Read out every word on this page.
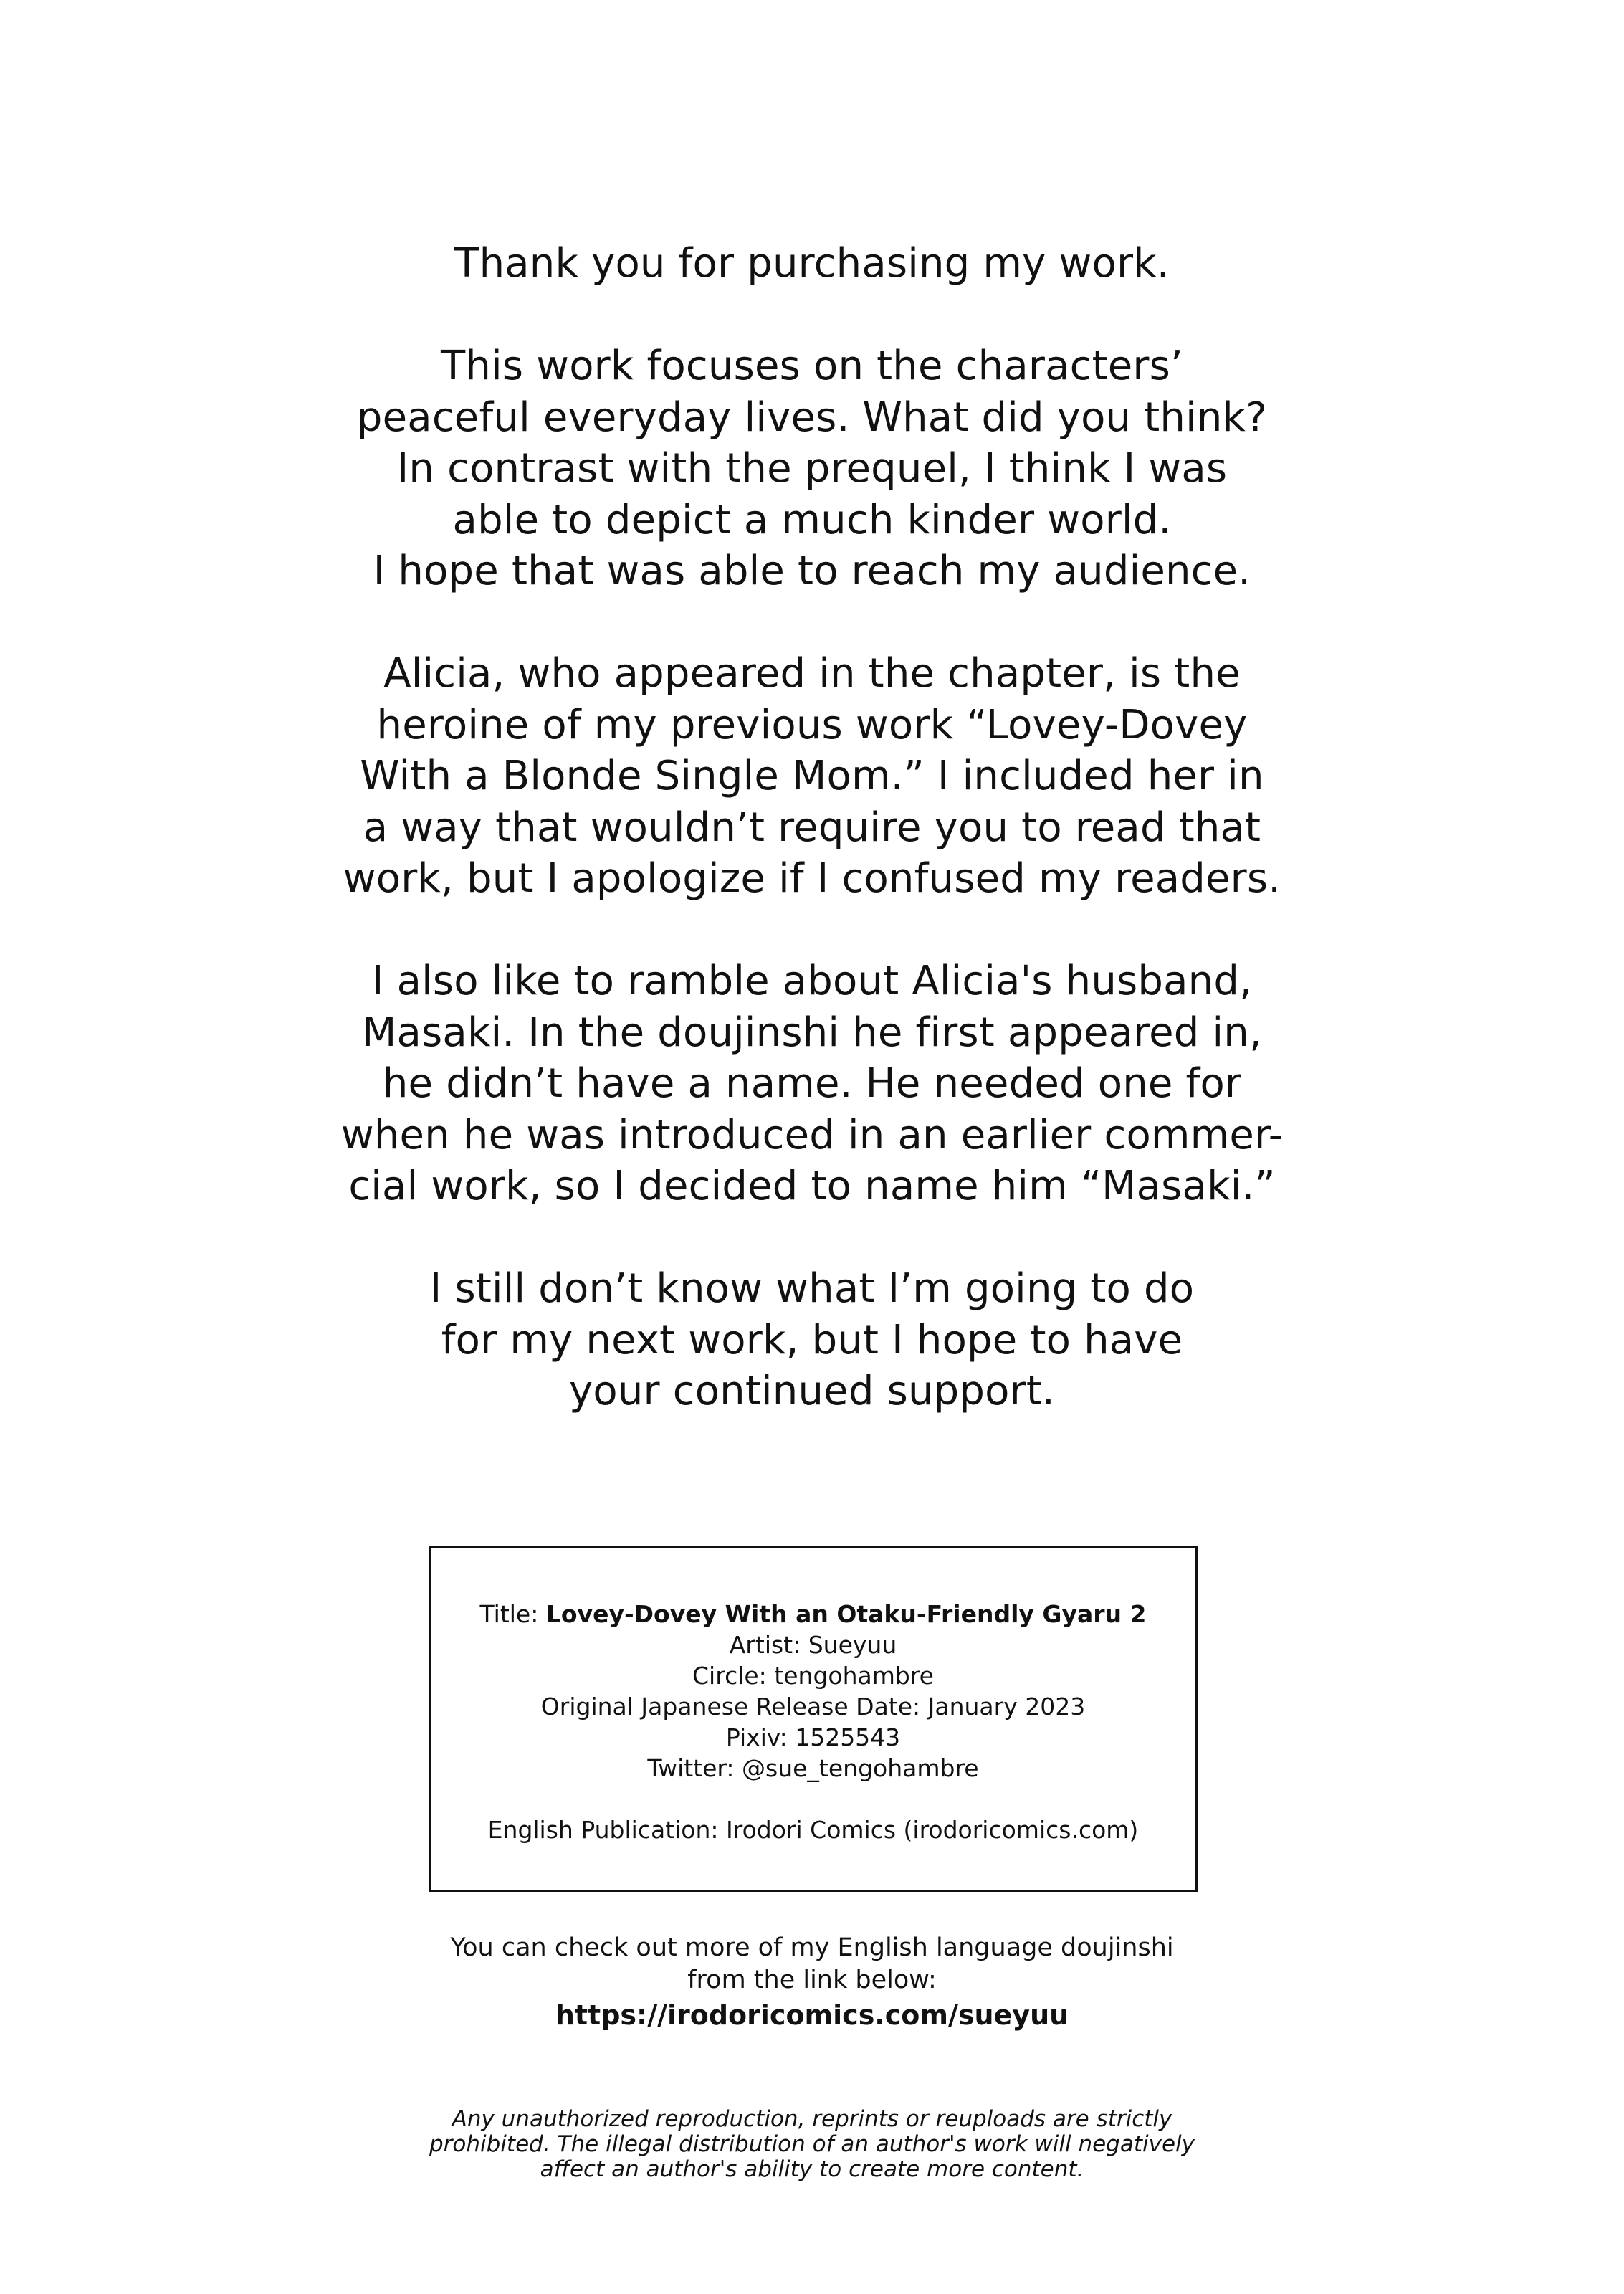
Thank you for purchasing my work.
This work focuses on the characters’
peaceful everyday lives. What did you think?
In contrast with the prequel, I think I was
able to depict a much kinder world.
I hope that was able to reach my audience.
Alicia, who appeared in the chapter, is the
heroine of my previous work “Lovey-Dovey
With a Blonde Single Mom.” I included her in
a way that wouldn’t require you to read that
work, but I apologize if I confused my readers.
I also like to ramble about Alicia's husband,
Masaki. In the doujinshi he first appeared in,
he didn’t have a name. He needed one for
when he was introduced in an earlier commer-
cial work, so I decided to name him “Masaki.”
I still don’t know what I’m going to do
for my next work, but I hope to have
your continued support.
Title: Lovey-Dovey With an Otaku-Friendly Gyaru 2
Artist: Sueyuu
Circle: tengohambre
Original Japanese Release Date: January 2023
Pixiv: 1525543
Twitter: @sue_tengohambre
English Publication: Irodori Comics (irodoricomics.com)
You can check out more of my English language doujinshi
from the link below:
https://irodoricomics.com/sueyuu
Any unauthorized reproduction, reprints or reuploads are strictly
prohibited. The illegal distribution of an author's work will negatively
affect an author's ability to create more content.
